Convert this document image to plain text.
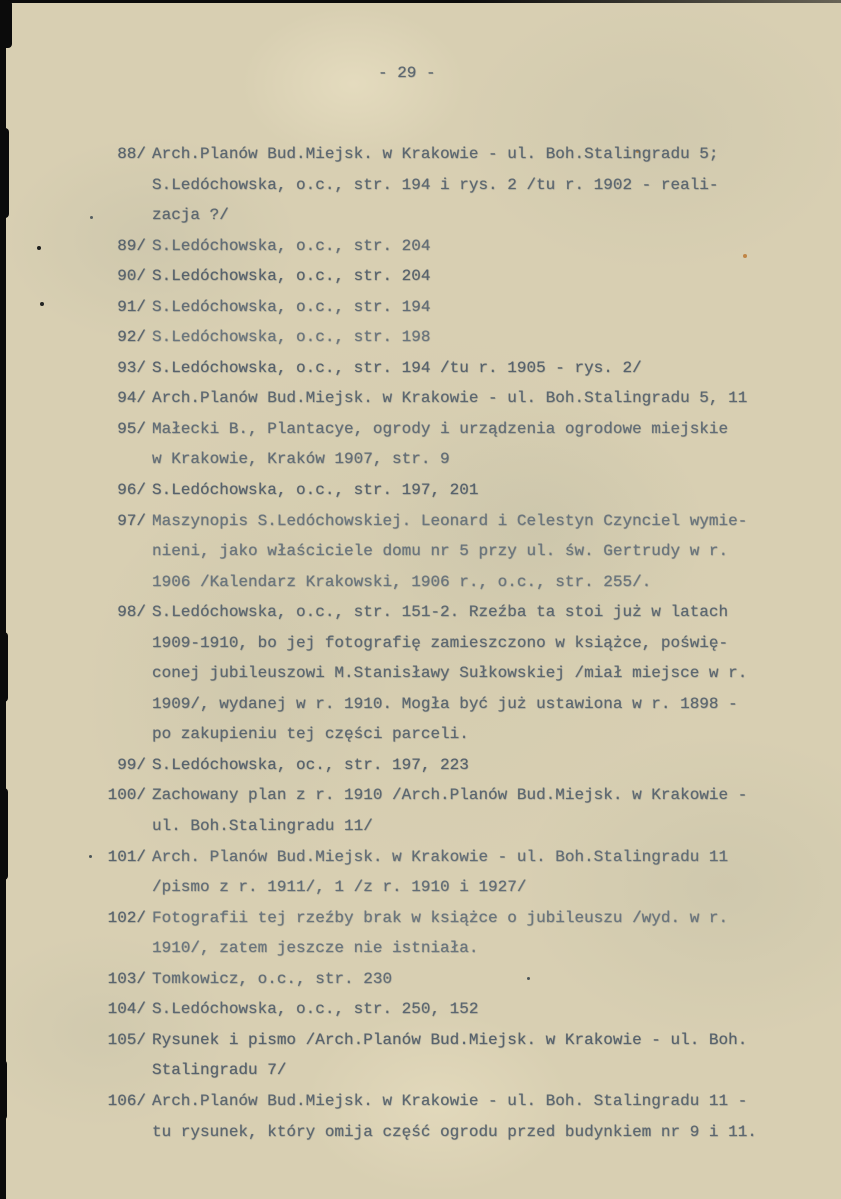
- 29 -
88/ Arch.Planów Bud.Miejsk. w Krakowie - ul. Boh.Stalingradu 5;
S.Ledóchowska, o.c., str. 194 i rys. 2 /tu r. 1902 - reali-
zacja ?/
89/ S.Ledóchowska, o.c., str. 204
90/ S.Ledóchowska, o.c., str. 204
91/ S.Ledóchowska, o.c., str. 194
92/ S.Ledóchowska, o.c., str. 198
93/ S.Ledóchowska, o.c., str. 194 /tu r. 1905 - rys. 2/
94/ Arch.Planów Bud.Miejsk. w Krakowie - ul. Boh.Stalingradu 5, 11
95/ Małecki B., Plantacye, ogrody i urządzenia ogrodowe miejskie
w Krakowie, Kraków 1907, str. 9
96/ S.Ledóchowska, o.c., str. 197, 201
97/ Maszynopis S.Ledóchowskiej. Leonard i Celestyn Czynciel wymie-
nieni, jako właściciele domu nr 5 przy ul. św. Gertrudy w r.
1906 /Kalendarz Krakowski, 1906 r., o.c., str. 255/.
98/ S.Ledóchowska, o.c., str. 151-2. Rzeźba ta stoi już w latach
1909-1910, bo jej fotografię zamieszczono w książce, poświę-
conej jubileuszowi M.Stanisławy Sułkowskiej /miał miejsce w r.
1909/, wydanej w r. 1910. Mogła być już ustawiona w r. 1898 -
po zakupieniu tej części parceli.
99/ S.Ledóchowska, oc., str. 197, 223
100/ Zachowany plan z r. 1910 /Arch.Planów Bud.Miejsk. w Krakowie -
ul. Boh.Stalingradu 11/
101/ Arch. Planów Bud.Miejsk. w Krakowie - ul. Boh.Stalingradu 11
/pismo z r. 1911/, 1 /z r. 1910 i 1927/
102/ Fotografii tej rzeźby brak w książce o jubileuszu /wyd. w r.
1910/, zatem jeszcze nie istniała.
103/ Tomkowicz, o.c., str. 230
104/ S.Ledóchowska, o.c., str. 250, 152
105/ Rysunek i pismo /Arch.Planów Bud.Miejsk. w Krakowie - ul. Boh.
Stalingradu 7/
106/ Arch.Planów Bud.Miejsk. w Krakowie - ul. Boh. Stalingradu 11 -
tu rysunek, który omija część ogrodu przed budynkiem nr 9 i 11.
